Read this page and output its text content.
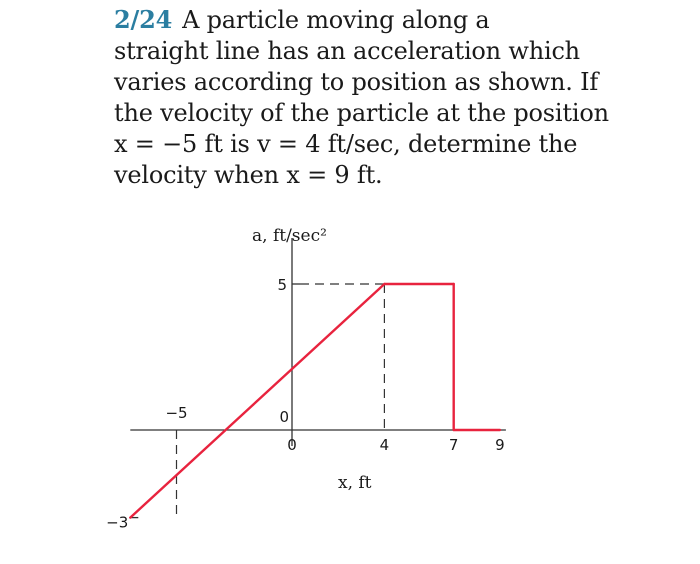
2/24 A particle moving along a
straight line has an acceleration which
varies according to position as shown. If
the velocity of the particle at the position
x = −5 ft is v = 4 ft/sec, determine the
velocity when x = 9 ft.
−5
0	4	7 9
5
0
−3
a, ft/sec²
x, ft
